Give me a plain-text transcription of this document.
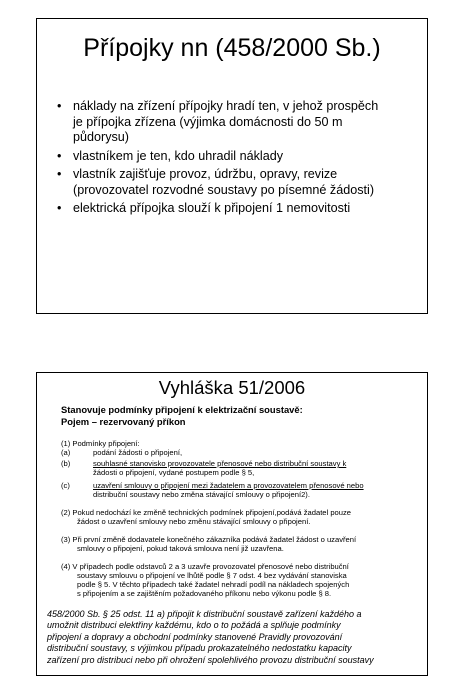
Přípojky nn (458/2000 Sb.)
• náklady na zřízení přípojky hradí ten, v jehož prospěch
je přípojka zřízena (výjimka domácnosti do 50 m
půdorysu)
• vlastníkem je ten, kdo uhradil náklady
• vlastník zajišťuje provoz, údržbu, opravy, revize
(provozovatel rozvodné soustavy po písemné žádosti)
• elektrická přípojka slouží k připojení 1 nemovitosti
Vyhláška 51/2006
Stanovuje podmínky připojení k elektrizační soustavě:
Pojem – rezervovaný příkon
(1) Podmínky připojení:
(a)	podání žádosti o připojení,
(b)	souhlasné stanovisko provozovatele přenosové nebo distribuční soustavy k
žádosti o připojení, vydané postupem podle § 5,
(c)	uzavření smlouvy o připojení mezi žadatelem a provozovatelem přenosové nebo
distribuční soustavy nebo změna stávající smlouvy o připojení2).
(2) Pokud nedochází ke změně technických podmínek připojení,podává žadatel pouze
žádost o uzavření smlouvy nebo změnu stávající smlouvy o připojení.
(3) Při první změně dodavatele konečného zákazníka podává žadatel žádost o uzavření
smlouvy o připojení, pokud taková smlouva není již uzavřena.
(4) V případech podle odstavců 2 a 3 uzavře provozovatel přenosové nebo distribuční
soustavy smlouvu o připojení ve lhůtě podle § 7 odst. 4 bez vydávání stanoviska
podle § 5. V těchto případech také žadatel nehradí podíl na nákladech spojených
s připojením a se zajištěním požadovaného příkonu nebo výkonu podle § 8.
458/2000 Sb. § 25 odst. 11 a) připojit k distribuční soustavě zařízení každého a
umožnit distribuci elektřiny každému, kdo o to požádá a splňuje podmínky
připojení a dopravy a obchodní podmínky stanovené Pravidly provozování
distribuční soustavy, s výjimkou případu prokazatelného nedostatku kapacity
zařízení pro distribuci nebo při ohrožení spolehlivého provozu distribuční soustavy
